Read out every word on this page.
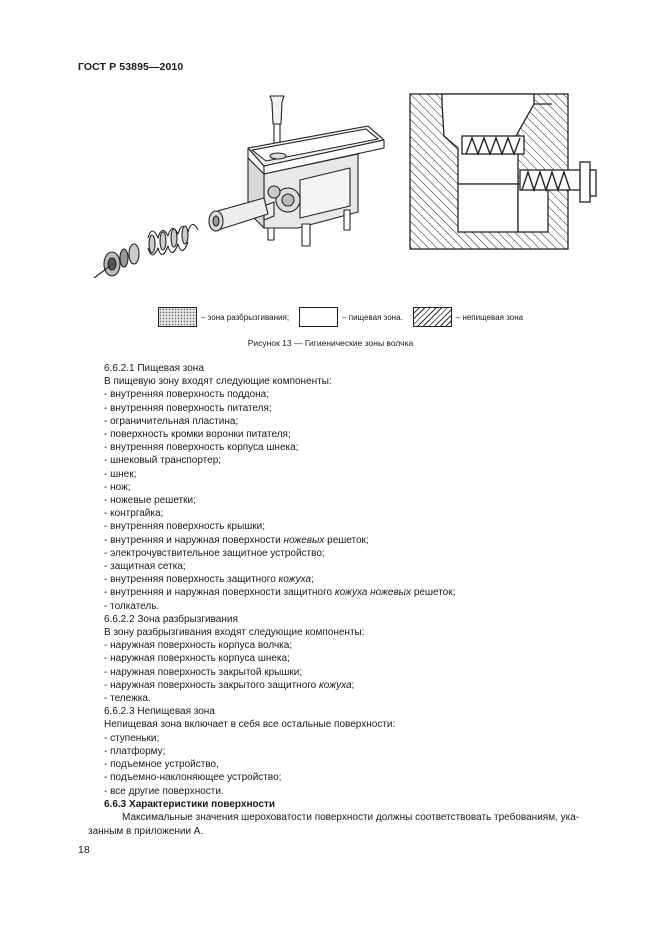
ГОСТ Р 53895—2010
– зона разбрызгивания;	– пищевая зона.	– непищевая зона
Рисунок 13 — Гигиенические зоны волчка
6.6.2.1 Пищевая зона
В пищевую зону входят следующие компоненты:
- внутренняя поверхность поддона;
- внутренняя поверхность питателя;
- ограничительная пластина;
- поверхность кромки воронки питателя;
- внутренняя поверхность корпуса шнека;
- шнековый транспортер;
- шнек;
- нож;
- ножевые решетки;
- контргайка;
- внутренняя поверхность крышки;
- внутренняя и наружная поверхности ножевых решеток;
- электрочувствительное защитное устройство;
- защитная сетка;
- внутренняя поверхность защитного кожуха;
- внутренняя и наружная поверхности защитного кожуха ножевых решеток;
- толкатель.
6.6.2.2 Зона разбрызгивания
В зону разбрызгивания входят следующие компоненты:
- наружная поверхность корпуса волчка;
- наружная поверхность корпуса шнека;
- наружная поверхность закрытой крышки;
- наружная поверхность закрытого защитного кожуха;
- тележка.
6.6.2.3 Непищевая зона
Непищевая зона включает в себя все остальные поверхности:
- ступеньки;
- платформу;
- подъемное устройство,
- подъемно-наклоняющее устройство;
- все другие поверхности.
6.6.3 Характеристики поверхности
Максимальные значения шероховатости поверхности должны соответствовать требованиям, ука-
занным в приложении А.
18
